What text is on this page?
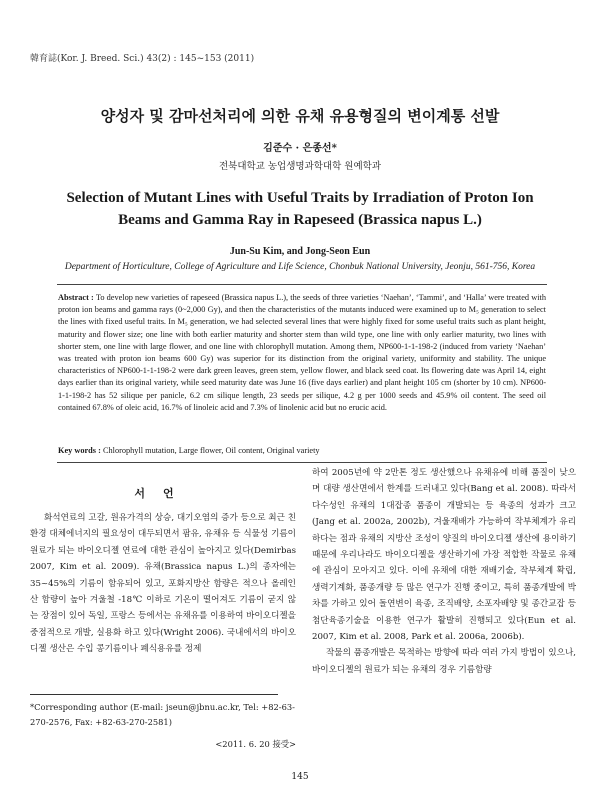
韓育誌(Kor. J. Breed. Sci.) 43(2) : 145~153 (2011)
양성자 및 감마선처리에 의한 유채 유용형질의 변이계통 선발
김준수 · 은종선*
전북대학교 농업생명과학대학 원예학과
Selection of Mutant Lines with Useful Traits by Irradiation of Proton Ion Beams and Gamma Ray in Rapeseed (Brassica napus L.)
Jun-Su Kim, and Jong-Seon Eun
Department of Horticulture, College of Agriculture and Life Science, Chonbuk National University, Jeonju, 561-756, Korea
Abstract : To develop new varieties of rapeseed (Brassica napus L.), the seeds of three varieties ‘Naehan’, ‘Tammi’, and ‘Halla’ were treated with proton ion beams and gamma rays (0~2,000 Gy), and then the characteristics of the mutants induced were examined up to M₅ generation to select the lines with fixed useful traits. In M₅ generation, we had selected several lines that were highly fixed for some useful traits such as plant height, maturity and flower size; one line with both earlier maturity and shorter stem than wild type, one line with only earlier maturity, two lines with shorter stem, one line with large flower, and one line with chlorophyll mutation. Among them, NP600-1-1-198-2 (induced from variety ‘Naehan’ was treated with proton ion beams 600 Gy) was superior for its distinction from the original variety, uniformity and stability. The unique characteristics of NP600-1-1-198-2 were dark green leaves, green stem, yellow flower, and black seed coat. Its flowering date was April 14, eight days earlier than its original variety, while seed maturity date was June 16 (five days earlier) and plant height 105 cm (shorter by 10 cm). NP600-1-1-198-2 has 52 silique per panicle, 6.2 cm silique length, 23 seeds per silique, 4.2 g per 1000 seeds and 45.9% oil content. The seed oil contained 67.8% of oleic acid, 16.7% of linoleic acid and 7.3% of linolenic acid but no erucic acid.
Key words : Chlorophyll mutation, Large flower, Oil content, Original variety
서언

화석연료의 고갈, 원유가격의 상승, 대기오염의 증가 등으로 최근 친환경 대체에너지의 필요성이 대두되면서 팜유, 유채유 등 식물성 기름이 원료가 되는 바이오디젤 연료에 대한 관심이 높아지고 있다(Demirbas 2007, Kim et al. 2009). 유채(Brassica napus L.)의 종자에는 35~45%의 기름이 함유되어 있고, 포화지방산 함량은 적으나 올레인산 함량이 높아 겨울철 -18℃ 이하로 기온이 떨어져도 기름이 굳지 않는 장점이 있어 독일, 프랑스 등에서는 유채유를 이용하여 바이오디젤을 중점적으로 개발, 실용화 하고 있다(Wright 2006). 국내에서의 바이오디젤 생산은 수입 콩기름이나 폐식용유를 정제

하여 2005년에 약 2만톤 정도 생산했으나 유채유에 비해 품질이 낮으며 대량 생산면에서 한계를 드러내고 있다(Bang et al. 2008). 따라서 다수성인 유채의 1대잡종 품종이 개발되는 등 육종의 성과가 크고(Jang et al. 2002a, 2002b), 겨울재배가 가능하여 작부체계가 유리하다는 점과 유채의 지방산 조성이 양질의 바이오디젤 생산에 용이하기 때문에 우리나라도 바이오디젤을 생산하기에 가장 적합한 작물로 유채에 관심이 모아지고 있다. 이에 유채에 대한 재배기술, 작부체계 확립, 생력기계화, 품종개량 등 많은 연구가 진행 중이고, 특히 품종개발에 박차를 가하고 있어 돌연변이 육종, 조직배양, 소포자배양 및 종간교잡 등 첨단육종기술을 이용한 연구가 활발히 진행되고 있다(Eun et al. 2007, Kim et al. 2008, Park et al. 2006a, 2006b).

작물의 품종개발은 목적하는 방향에 따라 여러 가지 방법이 있으나, 바이오디젤의 원료가 되는 유채의 경우 기름함량

*Corresponding author (E-mail: jseun@jbnu.ac.kr, Tel: +82-63-270-2576, Fax: +82-63-270-2581)
<2011. 6. 20 接受>
145
